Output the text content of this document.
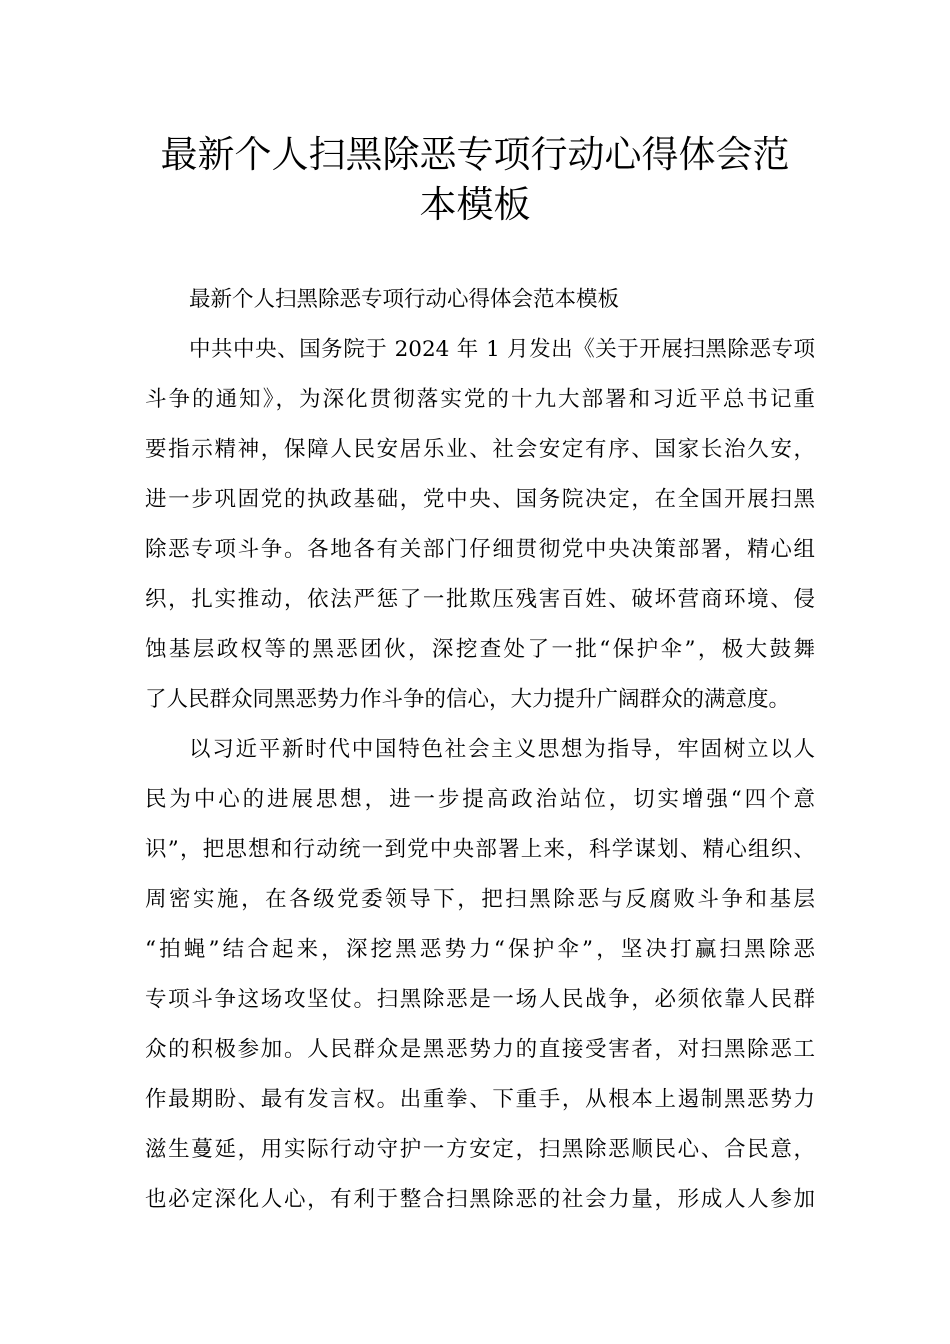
最新个人扫黑除恶专项行动心得体会范
本模板
最新个人扫黑除恶专项行动心得体会范本模板
中共中央、国务院于 2024 年 1 月发出《关于开展扫黑除恶专项
斗争的通知》，为深化贯彻落实党的十九大部署和习近平总书记重
要指示精神，保障人民安居乐业、社会安定有序、国家长治久安，
进一步巩固党的执政基础，党中央、国务院决定，在全国开展扫黑
除恶专项斗争。各地各有关部门仔细贯彻党中央决策部署，精心组
织，扎实推动，依法严惩了一批欺压残害百姓、破坏营商环境、侵
蚀基层政权等的黑恶团伙，深挖查处了一批“保护伞”，极大鼓舞
了人民群众同黑恶势力作斗争的信心，大力提升广阔群众的满意度。
以习近平新时代中国特色社会主义思想为指导，牢固树立以人
民为中心的进展思想，进一步提高政治站位，切实增强“四个意
识”，把思想和行动统一到党中央部署上来，科学谋划、精心组织、
周密实施，在各级党委领导下，把扫黑除恶与反腐败斗争和基层
“拍蝇”结合起来，深挖黑恶势力“保护伞”，坚决打赢扫黑除恶
专项斗争这场攻坚仗。扫黑除恶是一场人民战争，必须依靠人民群
众的积极参加。人民群众是黑恶势力的直接受害者，对扫黑除恶工
作最期盼、最有发言权。出重拳、下重手，从根本上遏制黑恶势力
滋生蔓延，用实际行动守护一方安定，扫黑除恶顺民心、合民意，
也必定深化人心，有利于整合扫黑除恶的社会力量，形成人人参加
